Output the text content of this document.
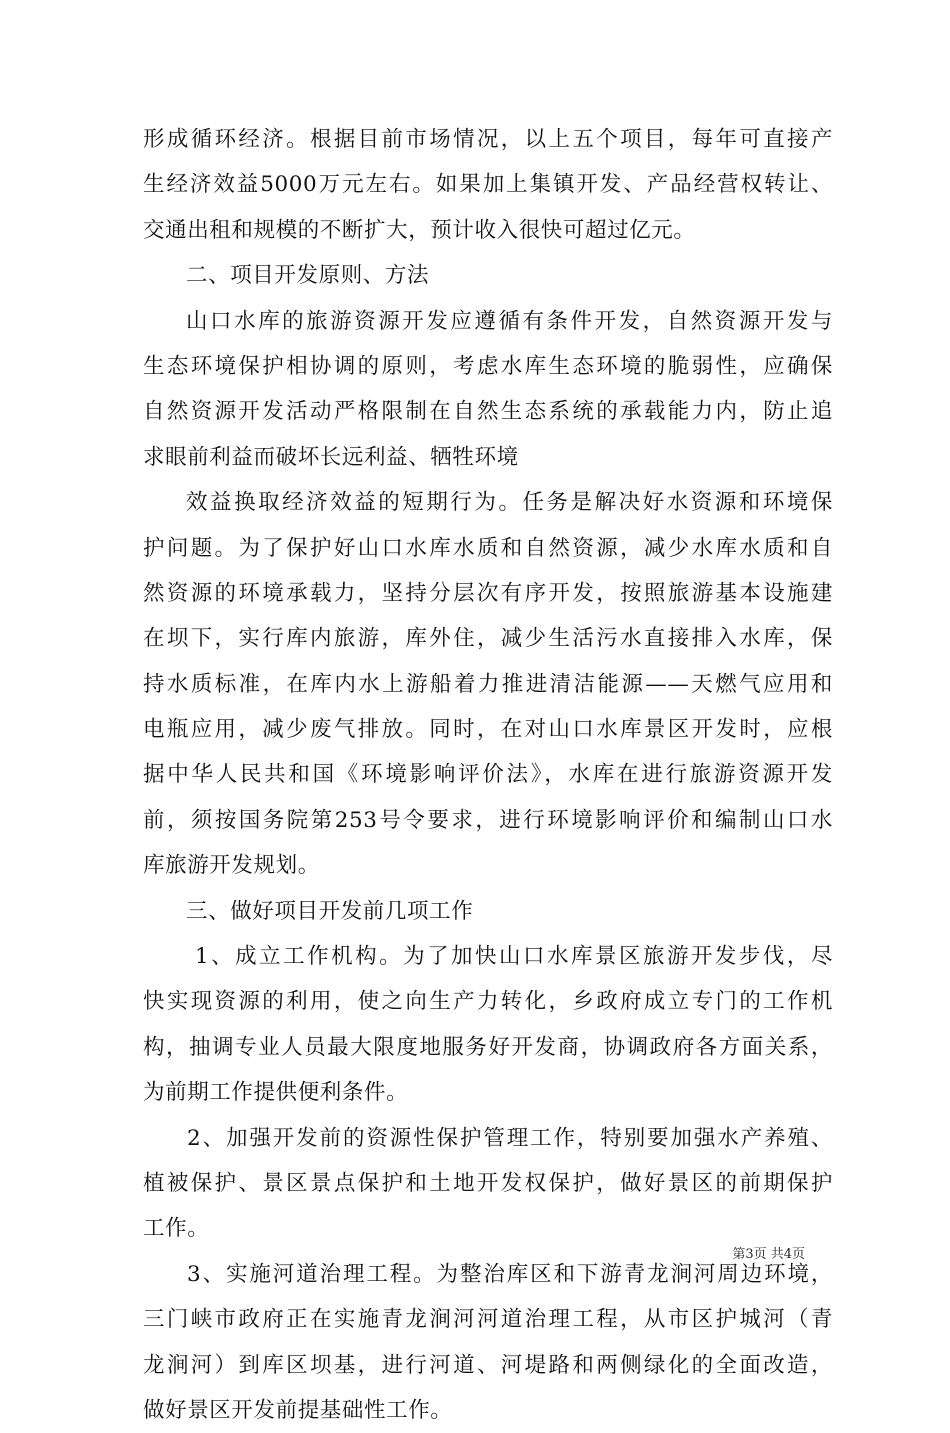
形成循环经济。根据目前市场情况，以上五个项目，每年可直接产
生经济效益5000万元左右。如果加上集镇开发、产品经营权转让、
交通出租和规模的不断扩大，预计收入很快可超过亿元。
二、项目开发原则、方法
山口水库的旅游资源开发应遵循有条件开发，自然资源开发与
生态环境保护相协调的原则，考虑水库生态环境的脆弱性，应确保
自然资源开发活动严格限制在自然生态系统的承载能力内，防止追
求眼前利益而破坏长远利益、牺牲环境
效益换取经济效益的短期行为。任务是解决好水资源和环境保
护问题。为了保护好山口水库水质和自然资源，减少水库水质和自
然资源的环境承载力，坚持分层次有序开发，按照旅游基本设施建
在坝下，实行库内旅游，库外住，减少生活污水直接排入水库，保
持水质标准，在库内水上游船着力推进清洁能源——天燃气应用和
电瓶应用，减少废气排放。同时，在对山口水库景区开发时，应根
据中华人民共和国《环境影响评价法》，水库在进行旅游资源开发
前，须按国务院第253号令要求，进行环境影响评价和编制山口水
库旅游开发规划。
三、做好项目开发前几项工作
1、成立工作机构。为了加快山口水库景区旅游开发步伐，尽
快实现资源的利用，使之向生产力转化，乡政府成立专门的工作机
构，抽调专业人员最大限度地服务好开发商，协调政府各方面关系，
为前期工作提供便利条件。
2、加强开发前的资源性保护管理工作，特别要加强水产养殖、
植被保护、景区景点保护和土地开发权保护，做好景区的前期保护
工作。
3、实施河道治理工程。为整治库区和下游青龙涧河周边环境，
三门峡市政府正在实施青龙涧河河道治理工程，从市区护城河（青
龙涧河）到库区坝基，进行河道、河堤路和两侧绿化的全面改造，
做好景区开发前提基础性工作。
第3页 共4页
